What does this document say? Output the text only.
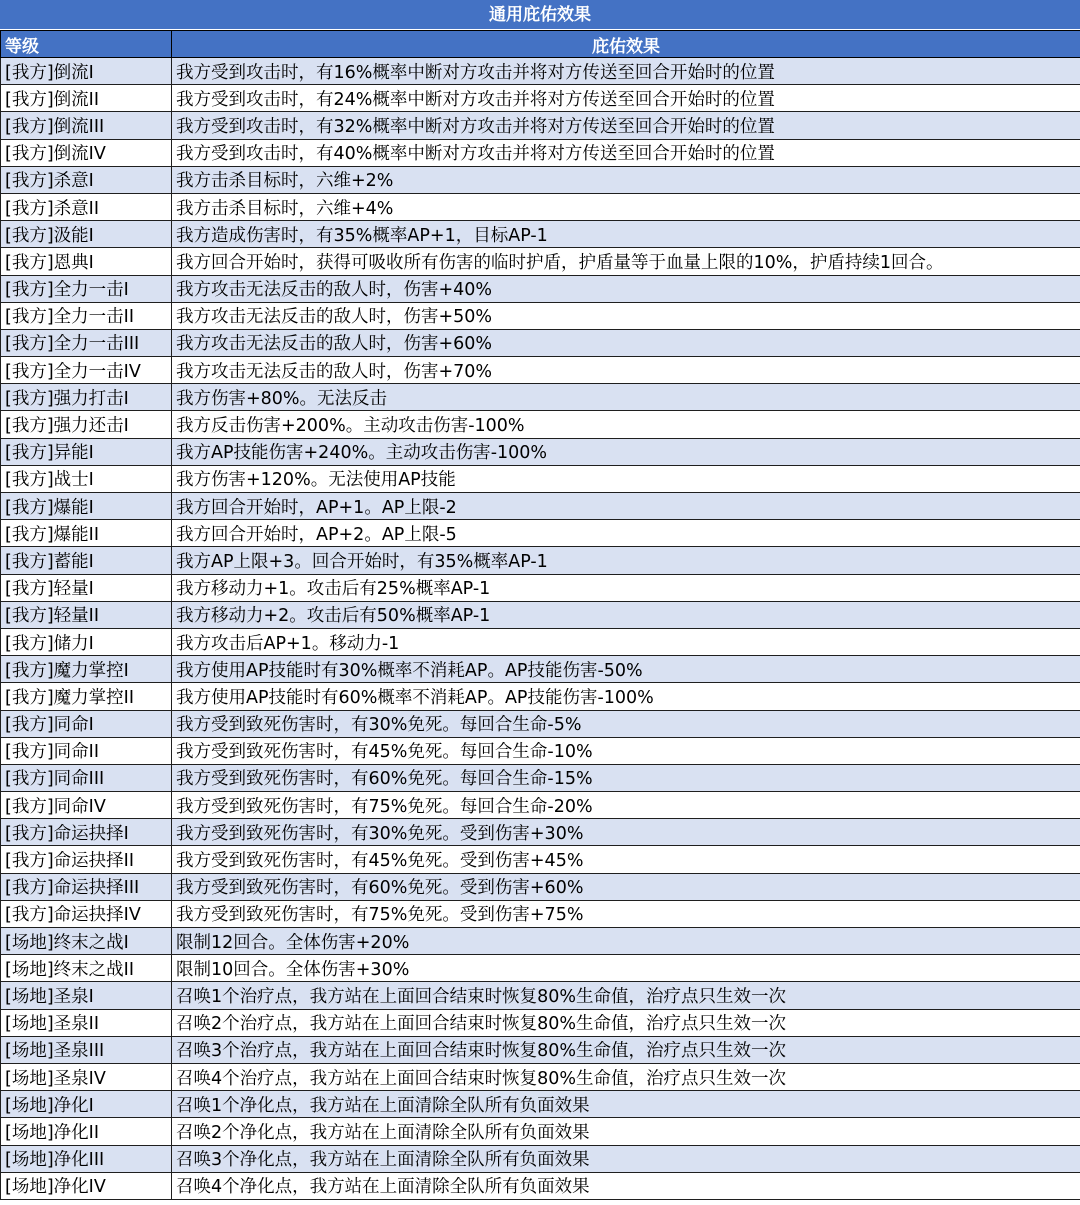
通用庇佑效果
等级	庇佑效果
[我方]倒流I	我方受到攻击时，有16%概率中断对方攻击并将对方传送至回合开始时的位置
[我方]倒流II	我方受到攻击时，有24%概率中断对方攻击并将对方传送至回合开始时的位置
[我方]倒流III	我方受到攻击时，有32%概率中断对方攻击并将对方传送至回合开始时的位置
[我方]倒流IV	我方受到攻击时，有40%概率中断对方攻击并将对方传送至回合开始时的位置
[我方]杀意I	我方击杀目标时，六维+2%
[我方]杀意II	我方击杀目标时，六维+4%
[我方]汲能I	我方造成伤害时，有35%概率AP+1，目标AP-1
[我方]恩典I	我方回合开始时，获得可吸收所有伤害的临时护盾，护盾量等于血量上限的10%，护盾持续1回合。
[我方]全力一击I	我方攻击无法反击的敌人时，伤害+40%
[我方]全力一击II	我方攻击无法反击的敌人时，伤害+50%
[我方]全力一击III	我方攻击无法反击的敌人时，伤害+60%
[我方]全力一击IV	我方攻击无法反击的敌人时，伤害+70%
[我方]强力打击I	我方伤害+80%。无法反击
[我方]强力还击I	我方反击伤害+200%。主动攻击伤害-100%
[我方]异能I	我方AP技能伤害+240%。主动攻击伤害-100%
[我方]战士I	我方伤害+120%。无法使用AP技能
[我方]爆能I	我方回合开始时，AP+1。AP上限-2
[我方]爆能II	我方回合开始时，AP+2。AP上限-5
[我方]蓄能I	我方AP上限+3。回合开始时，有35%概率AP-1
[我方]轻量I	我方移动力+1。攻击后有25%概率AP-1
[我方]轻量II	我方移动力+2。攻击后有50%概率AP-1
[我方]储力I	我方攻击后AP+1。移动力-1
[我方]魔力掌控I	我方使用AP技能时有30%概率不消耗AP。AP技能伤害-50%
[我方]魔力掌控II	我方使用AP技能时有60%概率不消耗AP。AP技能伤害-100%
[我方]同命I	我方受到致死伤害时，有30%免死。每回合生命-5%
[我方]同命II	我方受到致死伤害时，有45%免死。每回合生命-10%
[我方]同命III	我方受到致死伤害时，有60%免死。每回合生命-15%
[我方]同命IV	我方受到致死伤害时，有75%免死。每回合生命-20%
[我方]命运抉择I	我方受到致死伤害时，有30%免死。受到伤害+30%
[我方]命运抉择II	我方受到致死伤害时，有45%免死。受到伤害+45%
[我方]命运抉择III	我方受到致死伤害时，有60%免死。受到伤害+60%
[我方]命运抉择IV	我方受到致死伤害时，有75%免死。受到伤害+75%
[场地]终末之战I	限制12回合。全体伤害+20%
[场地]终末之战II	限制10回合。全体伤害+30%
[场地]圣泉I	召唤1个治疗点，我方站在上面回合结束时恢复80%生命值，治疗点只生效一次
[场地]圣泉II	召唤2个治疗点，我方站在上面回合结束时恢复80%生命值，治疗点只生效一次
[场地]圣泉III	召唤3个治疗点，我方站在上面回合结束时恢复80%生命值，治疗点只生效一次
[场地]圣泉IV	召唤4个治疗点，我方站在上面回合结束时恢复80%生命值，治疗点只生效一次
[场地]净化I	召唤1个净化点，我方站在上面清除全队所有负面效果
[场地]净化II	召唤2个净化点，我方站在上面清除全队所有负面效果
[场地]净化III	召唤3个净化点，我方站在上面清除全队所有负面效果
[场地]净化IV	召唤4个净化点，我方站在上面清除全队所有负面效果
